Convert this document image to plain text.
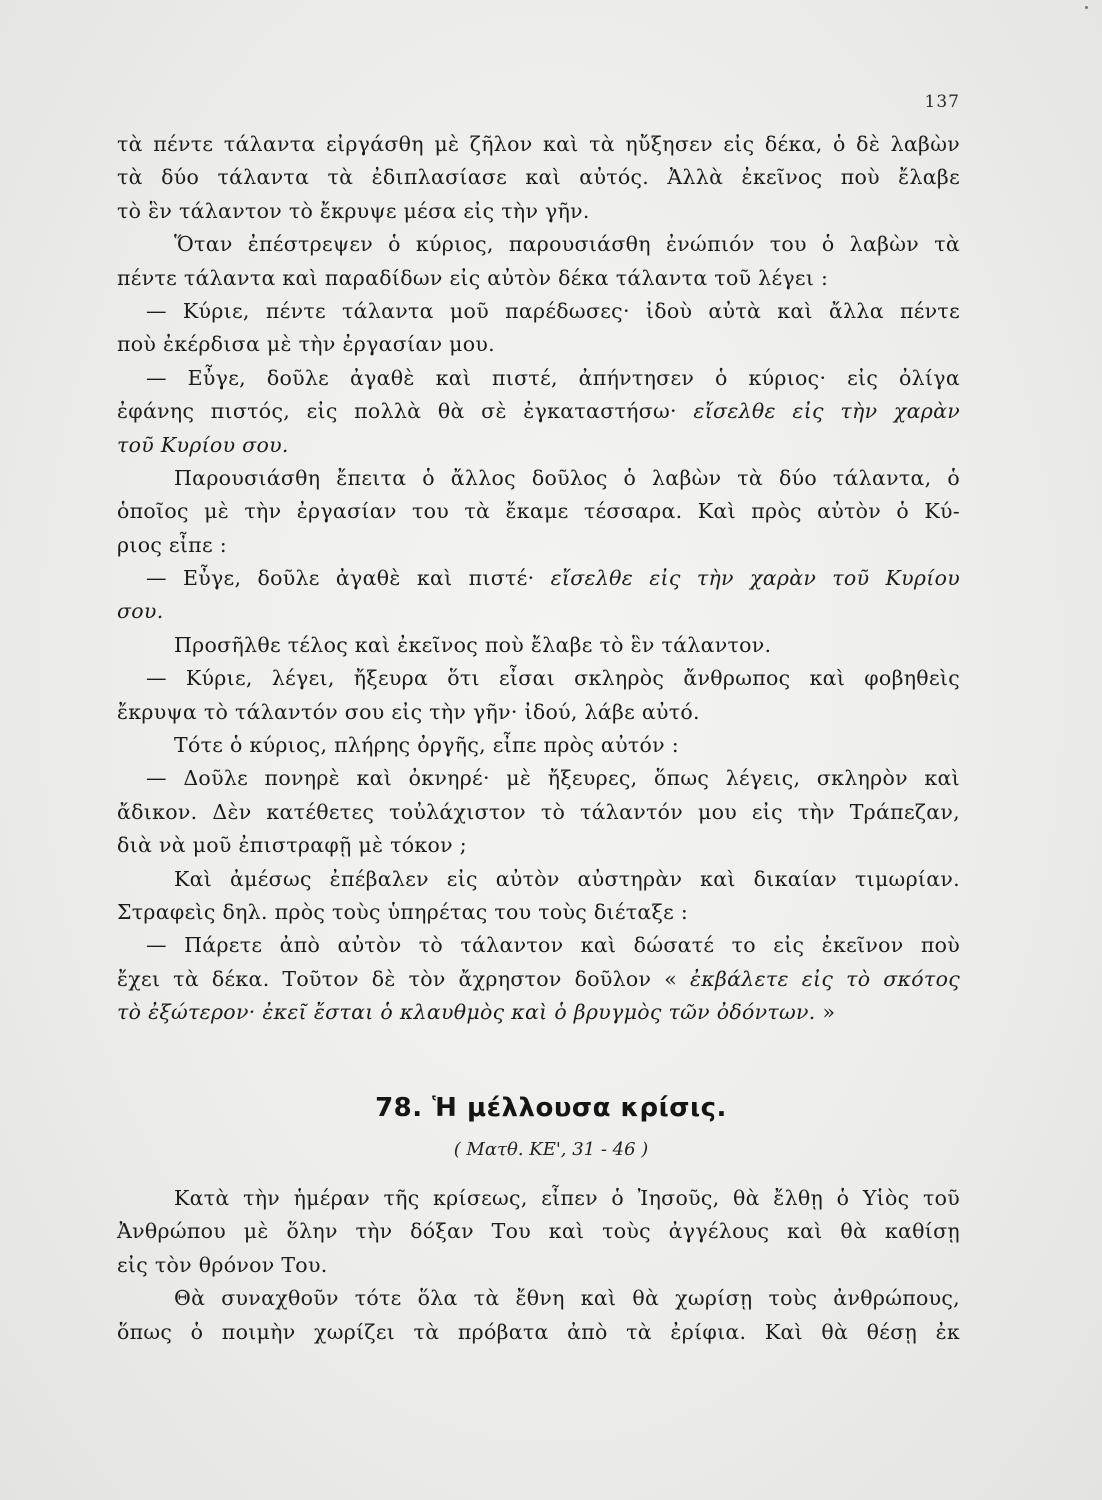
137
τὰ πέντε τάλαντα εἰργάσθη μὲ ζῆλον καὶ τὰ ηὔξησεν εἰς δέκα, ὁ δὲ λαβὼν
τὰ δύο τάλαντα τὰ ἐδιπλασίασε καὶ αὐτός. Ἀλλὰ ἐκεῖνος ποὺ ἔλαβε
τὸ ἓν τάλαντον τὸ ἔκρυψε μέσα εἰς τὴν γῆν.
Ὅταν ἐπέστρεψεν ὁ κύριος, παρουσιάσθη ἐνώπιόν του ὁ λαβὼν τὰ
πέντε τάλαντα καὶ παραδίδων εἰς αὐτὸν δέκα τάλαντα τοῦ λέγει :
— Κύριε, πέντε τάλαντα μοῦ παρέδωσες· ἰδοὺ αὐτὰ καὶ ἄλλα πέντε
ποὺ ἐκέρδισα μὲ τὴν ἐργασίαν μου.
— Εὖγε, δοῦλε ἀγαθὲ καὶ πιστέ, ἀπήντησεν ὁ κύριος· εἰς ὀλίγα
ἐφάνης πιστός, εἰς πολλὰ θὰ σὲ ἐγκαταστήσω· εἴσελθε εἰς τὴν χαρὰν
τοῦ Κυρίου σου.
Παρουσιάσθη ἔπειτα ὁ ἄλλος δοῦλος ὁ λαβὼν τὰ δύο τάλαντα, ὁ
ὁποῖος μὲ τὴν ἐργασίαν του τὰ ἔκαμε τέσσαρα. Καὶ πρὸς αὐτὸν ὁ Κύ-
ριος εἶπε :
— Εὖγε, δοῦλε ἀγαθὲ καὶ πιστέ· εἴσελθε εἰς τὴν χαρὰν τοῦ Κυρίου
σου.
Προσῆλθε τέλος καὶ ἐκεῖνος ποὺ ἔλαβε τὸ ἓν τάλαντον.
— Κύριε, λέγει, ἤξευρα ὅτι εἶσαι σκληρὸς ἄνθρωπος καὶ φοβηθεὶς
ἔκρυψα τὸ τάλαντόν σου εἰς τὴν γῆν· ἰδού, λάβε αὐτό.
Τότε ὁ κύριος, πλήρης ὀργῆς, εἶπε πρὸς αὐτόν :
— Δοῦλε πονηρὲ καὶ ὀκνηρέ· μὲ ἤξευρες, ὅπως λέγεις, σκληρὸν καὶ
ἄδικον. Δὲν κατέθετες τοὐλάχιστον τὸ τάλαντόν μου εἰς τὴν Τράπεζαν,
διὰ νὰ μοῦ ἐπιστραφῇ μὲ τόκον ;
Καὶ ἀμέσως ἐπέβαλεν εἰς αὐτὸν αὐστηρὰν καὶ δικαίαν τιμωρίαν.
Στραφεὶς δηλ. πρὸς τοὺς ὑπηρέτας του τοὺς διέταξε :
— Πάρετε ἀπὸ αὐτὸν τὸ τάλαντον καὶ δώσατέ το εἰς ἐκεῖνον ποὺ
ἔχει τὰ δέκα. Τοῦτον δὲ τὸν ἄχρηστον δοῦλον « ἐκβάλετε εἰς τὸ σκότος
τὸ ἐξώτερον· ἐκεῖ ἔσται ὁ κλαυθμὸς καὶ ὁ βρυγμὸς τῶν ὀδόντων. »
78. Ἡ μέλλουσα κρίσις.
( Ματθ. ΚΕ', 31 - 46 )
Κατὰ τὴν ἡμέραν τῆς κρίσεως, εἶπεν ὁ Ἰησοῦς, θὰ ἔλθῃ ὁ Υἱὸς τοῦ
Ἀνθρώπου μὲ ὅλην τὴν δόξαν Του καὶ τοὺς ἀγγέλους καὶ θὰ καθίσῃ
εἰς τὸν θρόνον Του.
Θὰ συναχθοῦν τότε ὅλα τὰ ἔθνη καὶ θὰ χωρίσῃ τοὺς ἀνθρώπους,
ὅπως ὁ ποιμὴν χωρίζει τὰ πρόβατα ἀπὸ τὰ ἐρίφια. Καὶ θὰ θέσῃ ἐκ
